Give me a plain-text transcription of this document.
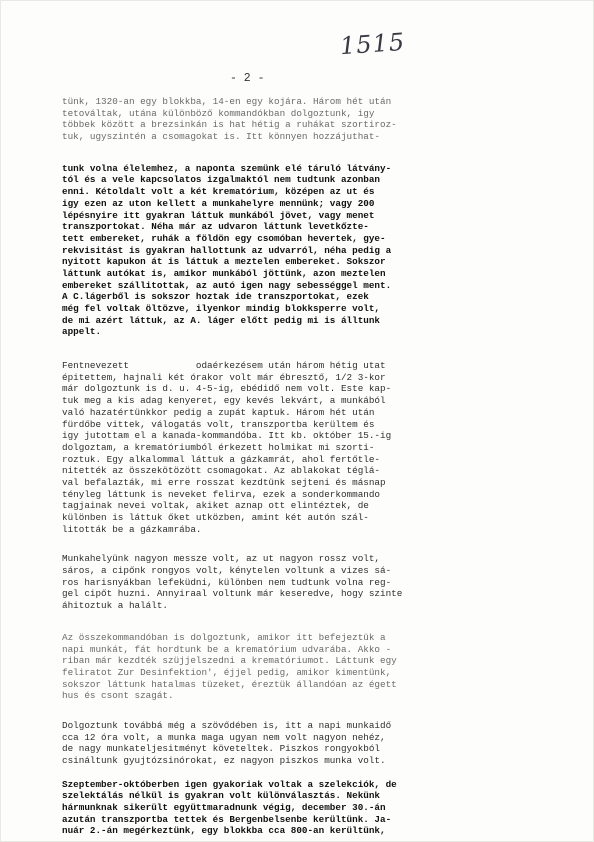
1515
- 2 -
tünk, 1320-an egy blokkba, 14-en egy kojára. Három hét után
tetováltak, utána különböző kommandókban dolgoztunk, igy
többek között a brezsinkán is hat hétig a ruhákat szortiroz-
tuk, ugyszintén a csomagokat is. Itt könnyen hozzájuthat-
tunk volna élelemhez, a naponta szemünk elé táruló látvány-
tól és a vele kapcsolatos izgalmaktól nem tudtunk azonban
enni. Kétoldalt volt a két krematórium, középen az ut és
igy ezen az uton kellett a munkahelyre mennünk; vagy 200
lépésnyire itt gyakran láttuk munkából jövet, vagy menet
transzportokat. Néha már az udvaron láttunk levetkőzte-
tett embereket, ruhák a földön egy csomóban hevertek, gye-
rekvisitást is gyakran hallottunk az udvarról, néha pedig a
nyitott kapukon át is láttuk a meztelen embereket. Sokszor
láttunk autókat is, amikor munkából jöttünk, azon meztelen
embereket szállitottak, az autó igen nagy sebességgel ment.
A C.lágerből is sokszor hoztak ide transzportokat, ezek
még fel voltak öltözve, ilyenkor mindig blokksperre volt,
de mi azért láttuk, az A. láger előtt pedig mi is álltunk
appelt.
Fentnevezett            odaérkezésem után három hétig utat
épitettem, hajnali két órakor volt már ébresztő, 1/2 3-kor
már dolgoztunk is d. u. 4-5-ig, ebédidő nem volt. Este kap-
tuk meg a kis adag kenyeret, egy kevés lekvárt, a munkából
való hazatértünkkor pedig a zupát kaptuk. Három hét után
fürdőbe vittek, válogatás volt, transzportba kerültem és
igy jutottam el a kanada-kommandóba. Itt kb. október 15.-ig
dolgoztam, a krematóriumból érkezett holmikat mi szorti-
roztuk. Egy alkalommal láttuk a gázkamrát, ahol fertőtle-
nitették az összekötözött csomagokat. Az ablakokat téglá-
val befalazták, mi erre rosszat kezdtünk sejteni és másnap
tényleg láttunk is neveket felirva, ezek a sonderkommando
tagjainak nevei voltak, akiket aznap ott elintéztek, de
különben is láttuk őket utközben, amint két autón szál-
litották be a gázkamrába.
Munkahelyünk nagyon messze volt, az ut nagyon rossz volt,
sáros, a cipőnk rongyos volt, kénytelen voltunk a vizes sá-
ros harisnyákban lefeküdni, különben nem tudtunk volna reg-
gel cipőt huzni. Annyiraal voltunk már keseredve, hogy szinte
áhitoztuk a halált.
Az összekommandóban is dolgoztunk, amikor itt befejeztük a
napi munkát, fát hordtunk be a krematórium udvarába. Akko -
riban már kezdték szüjjelszedni a krematóriumot. Láttunk egy
feliratot Zur Desinfektion', éjjel pedig, amikor kimentünk,
sokszor láttunk hatalmas tüzeket, éreztük állandóan az égett
hus és csont szagát.
Dolgoztunk továbbá még a szövődében is, itt a napi munkaidő
cca 12 óra volt, a munka maga ugyan nem volt nagyon nehéz,
de nagy munkateljesitményt követeltek. Piszkos rongyokból
csináltunk gyujtózsinórokat, ez nagyon piszkos munka volt.
Szeptember-októberben igen gyakoriak voltak a szelekciók, de
szelektálás nélkül is gyakran volt különválasztás. Nekünk
hármunknak sikerült együttmaradnunk végig, december 30.-án
azután transzportba tettek és Bergenbelsenbe kerültünk. Ja-
nuár 2.-án megérkeztünk, egy blokkba cca 800-an kerültünk,
